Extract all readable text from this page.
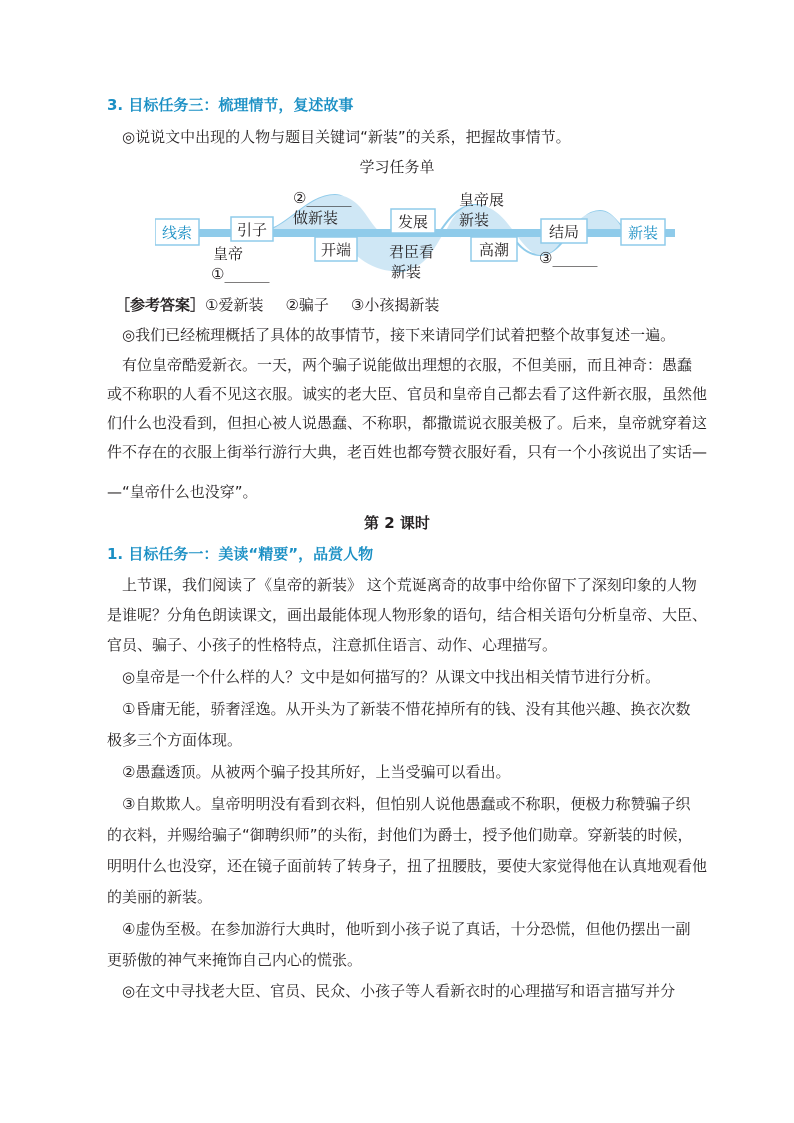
3. 目标任务三：梳理情节，复述故事

◎说说文中出现的人物与题目关键词“新装”的关系，把握故事情节。

学习任务单

线索	新装
引子
开端
发展
高潮
结局
皇帝
①______
②______
做新装
君臣看
新装
皇帝展
新装
③______

［参考答案］①爱新装 ②骗子 ③小孩揭新装

◎我们已经梳理概括了具体的故事情节，接下来请同学们试着把整个故事复述一遍。

有位皇帝酷爱新衣。一天，两个骗子说能做出理想的衣服，不但美丽，而且神奇：愚蠢

或不称职的人看不见这衣服。诚实的老大臣、官员和皇帝自己都去看了这件新衣服，虽然他

们什么也没看到，但担心被人说愚蠢、不称职，都撒谎说衣服美极了。后来，皇帝就穿着这

件不存在的衣服上街举行游行大典，老百姓也都夸赞衣服好看，只有一个小孩说出了实话—

—“皇帝什么也没穿”。

第 2 课时

1. 目标任务一：美读“精要”，品赏人物

上节课，我们阅读了《皇帝的新装》 这个荒诞离奇的故事中给你留下了深刻印象的人物

是谁呢？分角色朗读课文，画出最能体现人物形象的语句，结合相关语句分析皇帝、大臣、

官员、骗子、小孩子的性格特点，注意抓住语言、动作、心理描写。

◎皇帝是一个什么样的人？文中是如何描写的？从课文中找出相关情节进行分析。

①昏庸无能，骄奢淫逸。从开头为了新装不惜花掉所有的钱、没有其他兴趣、换衣次数

极多三个方面体现。

②愚蠢透顶。从被两个骗子投其所好，上当受骗可以看出。

③自欺欺人。皇帝明明没有看到衣料，但怕别人说他愚蠢或不称职，便极力称赞骗子织

的衣料，并赐给骗子“御聘织师”的头衔，封他们为爵士，授予他们勋章。穿新装的时候，

明明什么也没穿，还在镜子面前转了转身子，扭了扭腰肢，要使大家觉得他在认真地观看他

的美丽的新装。

④虚伪至极。在参加游行大典时，他听到小孩子说了真话，十分恐慌，但他仍摆出一副

更骄傲的神气来掩饰自己内心的慌张。

◎在文中寻找老大臣、官员、民众、小孩子等人看新衣时的心理描写和语言描写并分
